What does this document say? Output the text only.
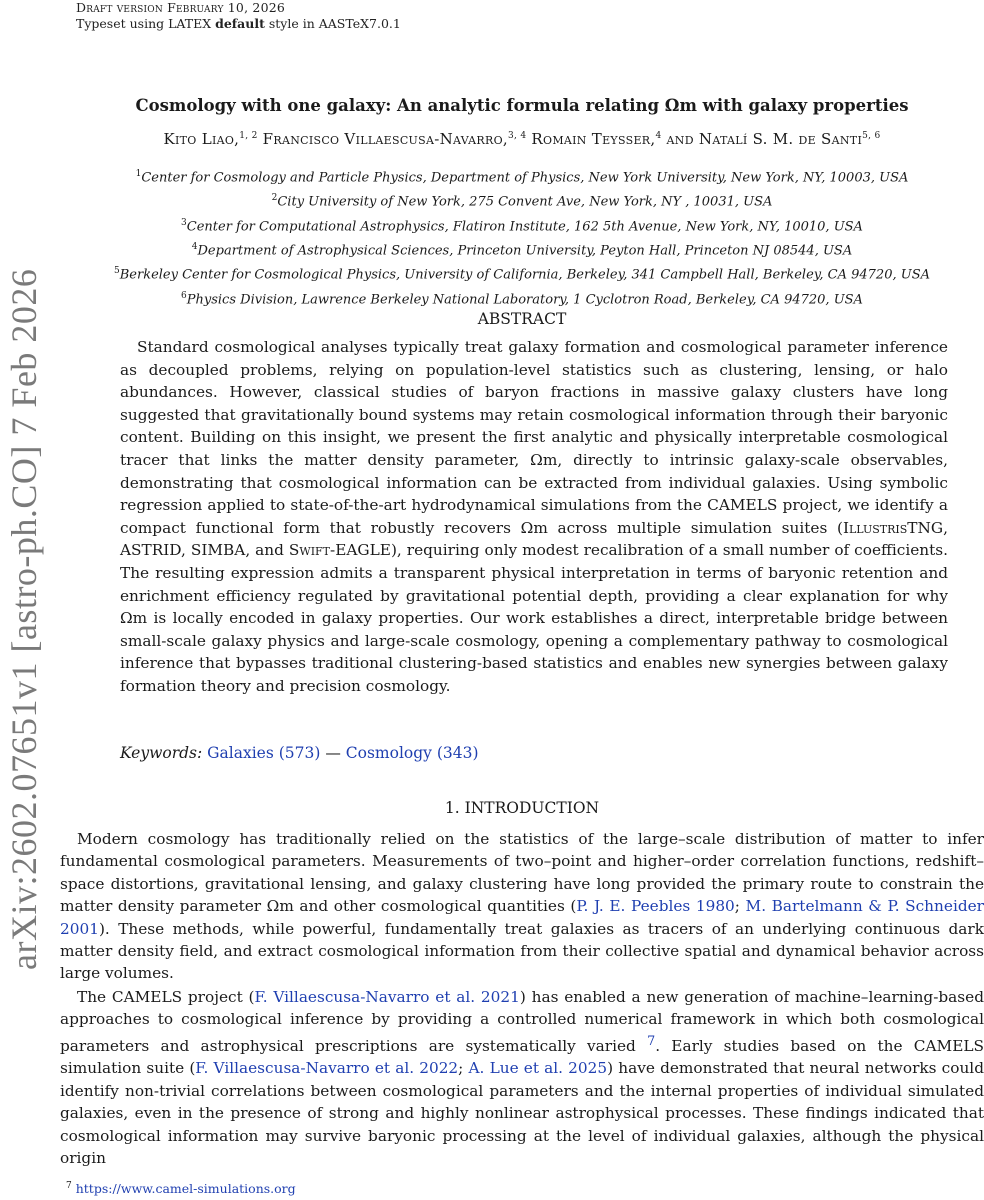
Draft version February 10, 2026
Typeset using LATEX default style in AASTeX7.0.1
arXiv:2602.07651v1 [astro-ph.CO] 7 Feb 2026
Cosmology with one galaxy: An analytic formula relating Ωm with galaxy properties
Kito Liao,$^{1, 2}$ Francisco Villaescusa-Navarro,$^{3, 4}$ Romain Teysser,$^4$ and Natalí S. M. de Santi$^{5, 6}$
$^1$Center for Cosmology and Particle Physics, Department of Physics, New York University, New York, NY, 10003, USA
$^2$City University of New York, 275 Convent Ave, New York, NY , 10031, USA
$^3$Center for Computational Astrophysics, Flatiron Institute, 162 5th Avenue, New York, NY, 10010, USA
$^4$Department of Astrophysical Sciences, Princeton University, Peyton Hall, Princeton NJ 08544, USA
$^5$Berkeley Center for Cosmological Physics, University of California, Berkeley, 341 Campbell Hall, Berkeley, CA 94720, USA
$^6$Physics Division, Lawrence Berkeley National Laboratory, 1 Cyclotron Road, Berkeley, CA 94720, USA
ABSTRACT

Standard cosmological analyses typically treat galaxy formation and cosmological parameter inference as decoupled problems, relying on population-level statistics such as clustering, lensing, or halo abundances. However, classical studies of baryon fractions in massive galaxy clusters have long suggested that gravitationally bound systems may retain cosmological information through their baryonic content. Building on this insight, we present the first analytic and physically interpretable cosmological tracer that links the matter density parameter, Ωm, directly to intrinsic galaxy-scale observables, demonstrating that cosmological information can be extracted from individual galaxies. Using symbolic regression applied to state-of-the-art hydrodynamical simulations from the CAMELS project, we identify a compact functional form that robustly recovers Ωm across multiple simulation suites (IllustrisTNG, ASTRID, SIMBA, and Swift-EAGLE), requiring only modest recalibration of a small number of coefficients. The resulting expression admits a transparent physical interpretation in terms of baryonic retention and enrichment efficiency regulated by gravitational potential depth, providing a clear explanation for why Ωm is locally encoded in galaxy properties. Our work establishes a direct, interpretable bridge between small-scale galaxy physics and large-scale cosmology, opening a complementary pathway to cosmological inference that bypasses traditional clustering-based statistics and enables new synergies between galaxy formation theory and precision cosmology.

Keywords: Galaxies (573) — Cosmology (343)
1. INTRODUCTION

Modern cosmology has traditionally relied on the statistics of the large–scale distribution of matter to infer fundamental cosmological parameters. Measurements of two–point and higher–order correlation functions, redshift–space distortions, gravitational lensing, and galaxy clustering have long provided the primary route to constrain the matter density parameter Ωm and other cosmological quantities (P. J. E. Peebles 1980; M. Bartelmann & P. Schneider 2001). These methods, while powerful, fundamentally treat galaxies as tracers of an underlying continuous dark matter density field, and extract cosmological information from their collective spatial and dynamical behavior across large volumes.

The CAMELS project (F. Villaescusa-Navarro et al. 2021) has enabled a new generation of machine–learning-based approaches to cosmological inference by providing a controlled numerical framework in which both cosmological parameters and astrophysical prescriptions are systematically varied $^7$. Early studies based on the CAMELS simulation suite (F. Villaescusa-Navarro et al. 2022; A. Lue et al. 2025) have demonstrated that neural networks could identify non-trivial correlations between cosmological parameters and the internal properties of individual simulated galaxies, even in the presence of strong and highly nonlinear astrophysical processes. These findings indicated that cosmological information may survive baryonic processing at the level of individual galaxies, although the physical origin

$^7$ https://www.camel-simulations.org
